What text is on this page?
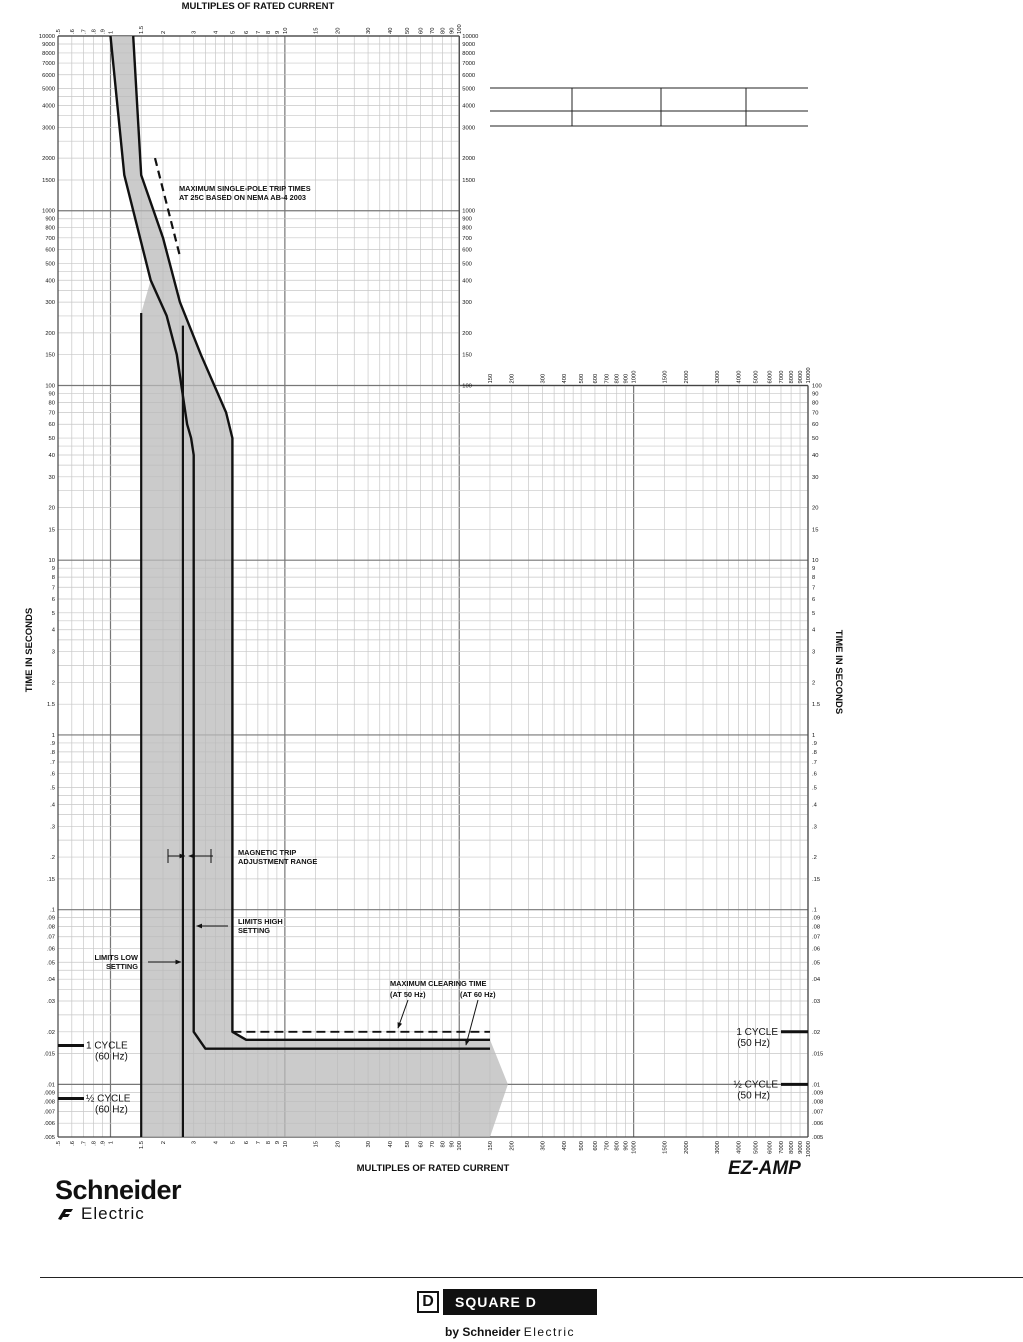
.5
.5
.6
.6
.7
.7
.8
.8
.9
.9
1
1
1.5
1.5
2
2
3
3
4
4
5
5
6
6
7
7
8
8
9
9
10
10
15
15
20
20
30
30
40
40
50
50
60
60
70
70
80
80
90
90
100
100
150
150
200
200
300
300
400
400
500
500
600
600
700
700
800
800
900
900
1000
1000
1500
1500
2000
2000
3000
3000
4000
4000
5000
5000
6000
6000
7000
7000
8000
8000
9000
9000
10000
10000
.005	.005
.006	.006
.007	.007
.008	.008
.009	.009
.01	.01
.015	.015
.02	.02
.03	.03
.04	.04
.05	.05
.06	.06
.07	.07
.08	.08
.09	.09
.1	.1
.15	.15
.2	.2
.3	.3
.4	.4
.5	.5
.6	.6
.7	.7
.8	.8
.9	.9
1	1
1.5	1.5
2	2
3	3
4	4
5	5
6	6
7	7
8	8
9	9
10	10
15	15
20	20
30	30
40	40
50	50
60	60
70	70
80	80
90	90
100	100	100
150	150
200	200
300	300
400	400
500	500
600	600
700	700
800	800
900	900
1000	1000
1500	1500
2000	2000
3000	3000
4000	4000
5000	5000
6000	6000
7000	7000
8000	8000
9000	9000
10000	10000
MAXIMUM SINGLE-POLE TRIP TIMES
AT 25C BASED ON NEMA AB-4 2003
MAGNETIC TRIP
ADJUSTMENT RANGE
LIMITS HIGH
SETTING
LIMITS LOW
SETTING
MAXIMUM CLEARING TIME
(AT 50 Hz)	(AT 60 Hz)
1 CYCLE
(60 Hz)
½ CYCLE
(60 Hz)
1 CYCLE
(50 Hz)
½ CYCLE
(50 Hz)
MULTIPLES OF RATED CURRENT
MULTIPLES OF RATED CURRENT
TIME IN SECONDS	TIME IN SECONDS
EZ-AMP
Schneider
Electric
D	SQUARE D
by Schneider Electric
